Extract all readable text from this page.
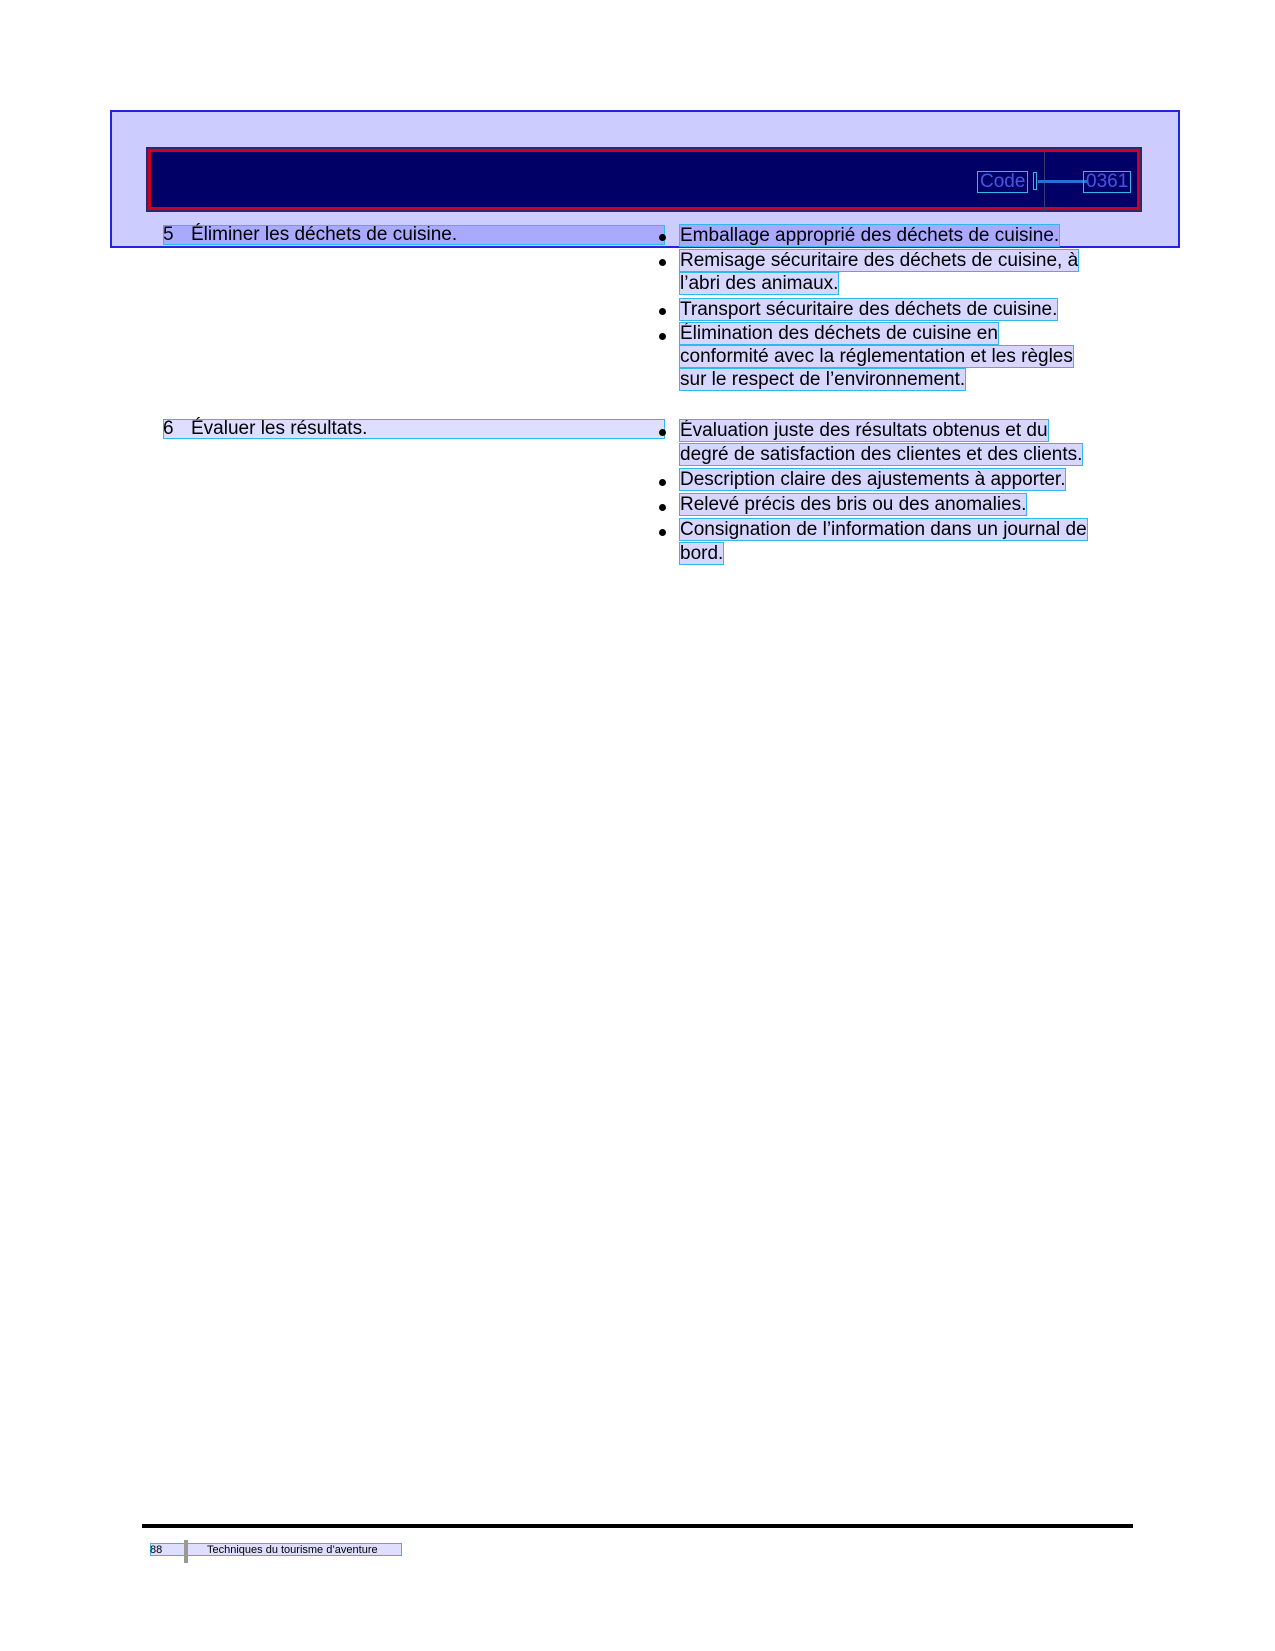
Code	0361
5 Éliminer les déchets de cuisine.	Emballage approprié des déchets de cuisine.
Remisage sécuritaire des déchets de cuisine, à
l’abri des animaux.
Transport sécuritaire des déchets de cuisine.
Élimination des déchets de cuisine en
conformité avec la réglementation et les règles
sur le respect de l’environnement.
6 Évaluer les résultats.	Évaluation juste des résultats obtenus et du
degré de satisfaction des clientes et des clients.
Description claire des ajustements à apporter.
Relevé précis des bris ou des anomalies.
Consignation de l’information dans un journal de
bord.
88	Techniques du tourisme d’aventure
